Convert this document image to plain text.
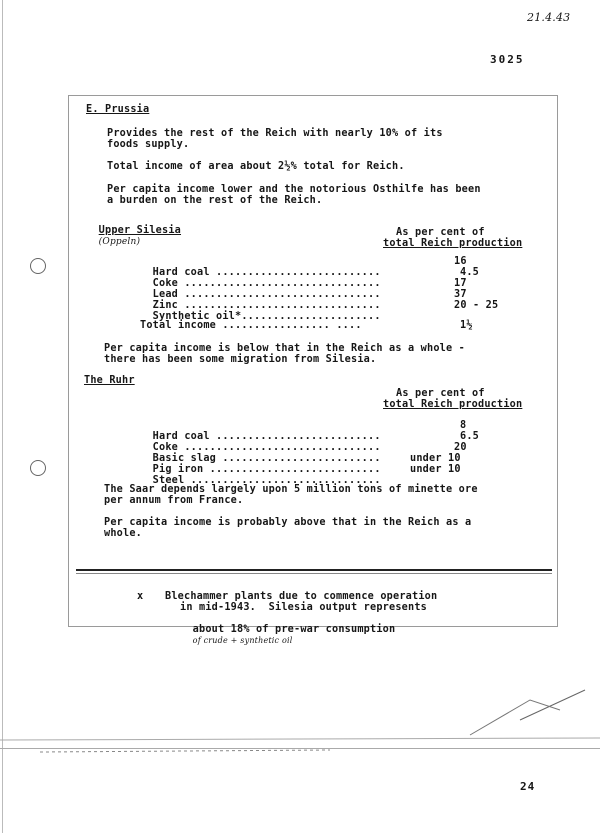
21.4.43
3025
E. Prussia
Provides the rest of the Reich with nearly 10% of its
foods supply.
Total income of area about 2½% total for Reich.
Per capita income lower and the notorious Osthilfe has been
a burden on the rest of the Reich.

Upper Silesia
(Oppeln)

As per cent of
total Reich production

Hard coal ..........................

16

Coke ...............................

4.5

Lead ...............................

17

Zinc ...............................

37

Synthetic oil*......................

20 - 25
Total income ................. ....	1½
Per capita income is below that in the Reich as a whole -
there has been some migration from Silesia.
The Ruhr
As per cent of
total Reich production

Hard coal ..........................

8

Coke ...............................

6.5

Basic slag .........................

20

Pig iron ...........................

under 10

Steel ..............................

under 10
The Saar depends largely upon 5 million tons of minette ore
per annum from France.
Per capita income is probably above that in the Reich as a
whole.
x Blechammer plants due to commence operation
in mid-1943.  Silesia output represents

about 18% of pre-war consumption
of crude + synthetic oil

24
